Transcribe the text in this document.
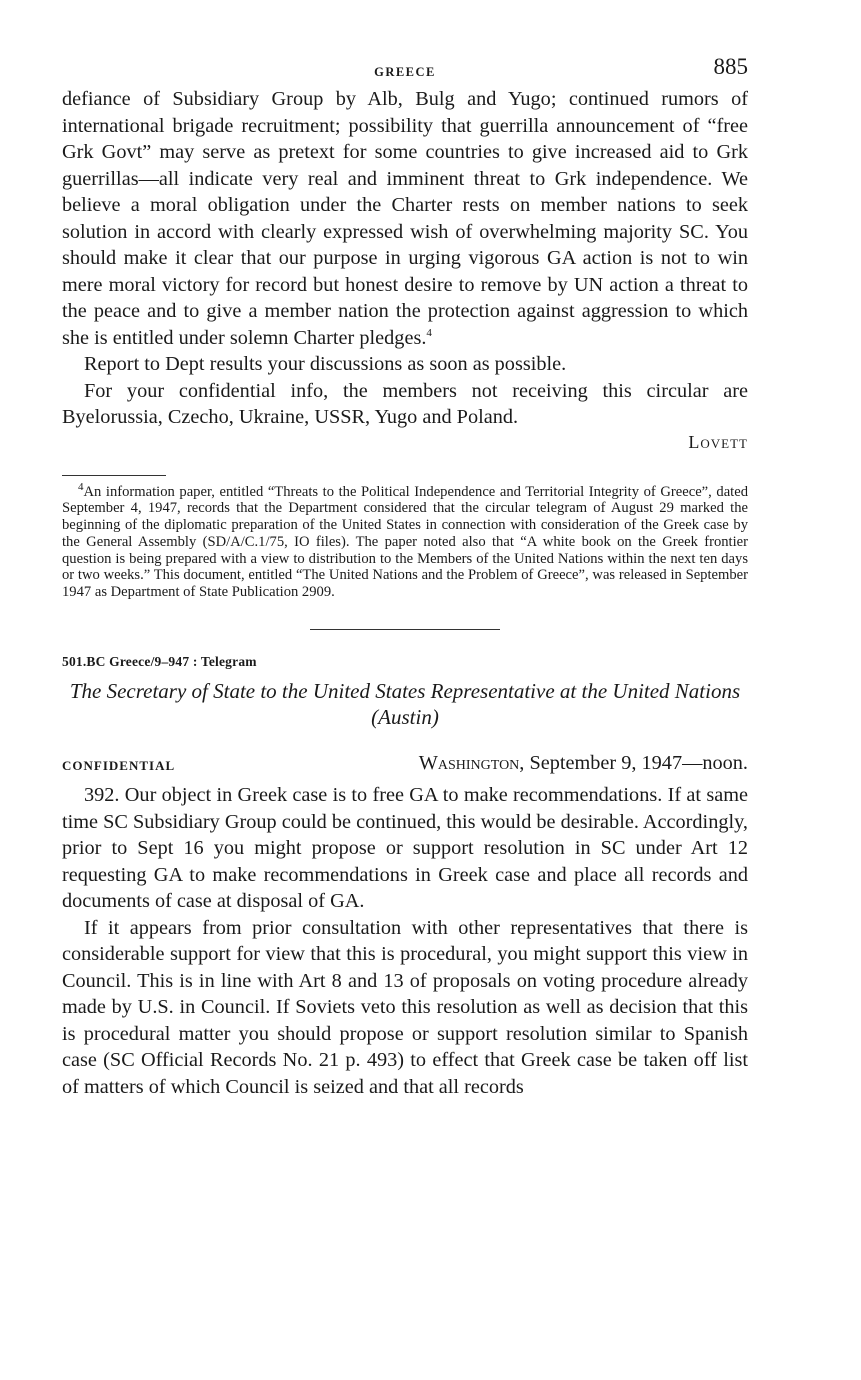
GREECE	885

defiance of Subsidiary Group by Alb, Bulg and Yugo; continued rumors of international brigade recruitment; possibility that guerrilla announcement of “free Grk Govt” may serve as pretext for some countries to give increased aid to Grk guerrillas—all indicate very real and imminent threat to Grk independence. We believe a moral obligation under the Charter rests on member nations to seek solution in accord with clearly expressed wish of overwhelming majority SC. You should make it clear that our purpose in urging vigorous GA action is not to win mere moral victory for record but honest desire to remove by UN action a threat to the peace and to give a member nation the protection against aggression to which she is entitled under solemn Charter pledges.$^4$

Report to Dept results your discussions as soon as possible.

For your confidential info, the members not receiving this circular are Byelorussia, Czecho, Ukraine, USSR, Yugo and Poland.

Lovett

$^4$An information paper, entitled “Threats to the Political Independence and Territorial Integrity of Greece”, dated September 4, 1947, records that the Department considered that the circular telegram of August 29 marked the beginning of the diplomatic preparation of the United States in connection with consideration of the Greek case by the General Assembly (SD/A/C.1/75, IO files). The paper noted also that “A white book on the Greek frontier question is being prepared with a view to distribution to the Members of the United Nations within the next ten days or two weeks.” This document, entitled “The United Nations and the Problem of Greece”, was released in September 1947 as Department of State Publication 2909.

501.BC Greece/9–947 : Telegram
The Secretary of State to the United States Representative at the United Nations (Austin)
CONFIDENTIAL	Washington, September 9, 1947—noon.

392. Our object in Greek case is to free GA to make recommendations. If at same time SC Subsidiary Group could be continued, this would be desirable. Accordingly, prior to Sept 16 you might propose or support resolution in SC under Art 12 requesting GA to make recommendations in Greek case and place all records and documents of case at disposal of GA.

If it appears from prior consultation with other representatives that there is considerable support for view that this is procedural, you might support this view in Council. This is in line with Art 8 and 13 of proposals on voting procedure already made by U.S. in Council. If Soviets veto this resolution as well as decision that this is procedural matter you should propose or support resolution similar to Spanish case (SC Official Records No. 21 p. 493) to effect that Greek case be taken off list of matters of which Council is seized and that all records
